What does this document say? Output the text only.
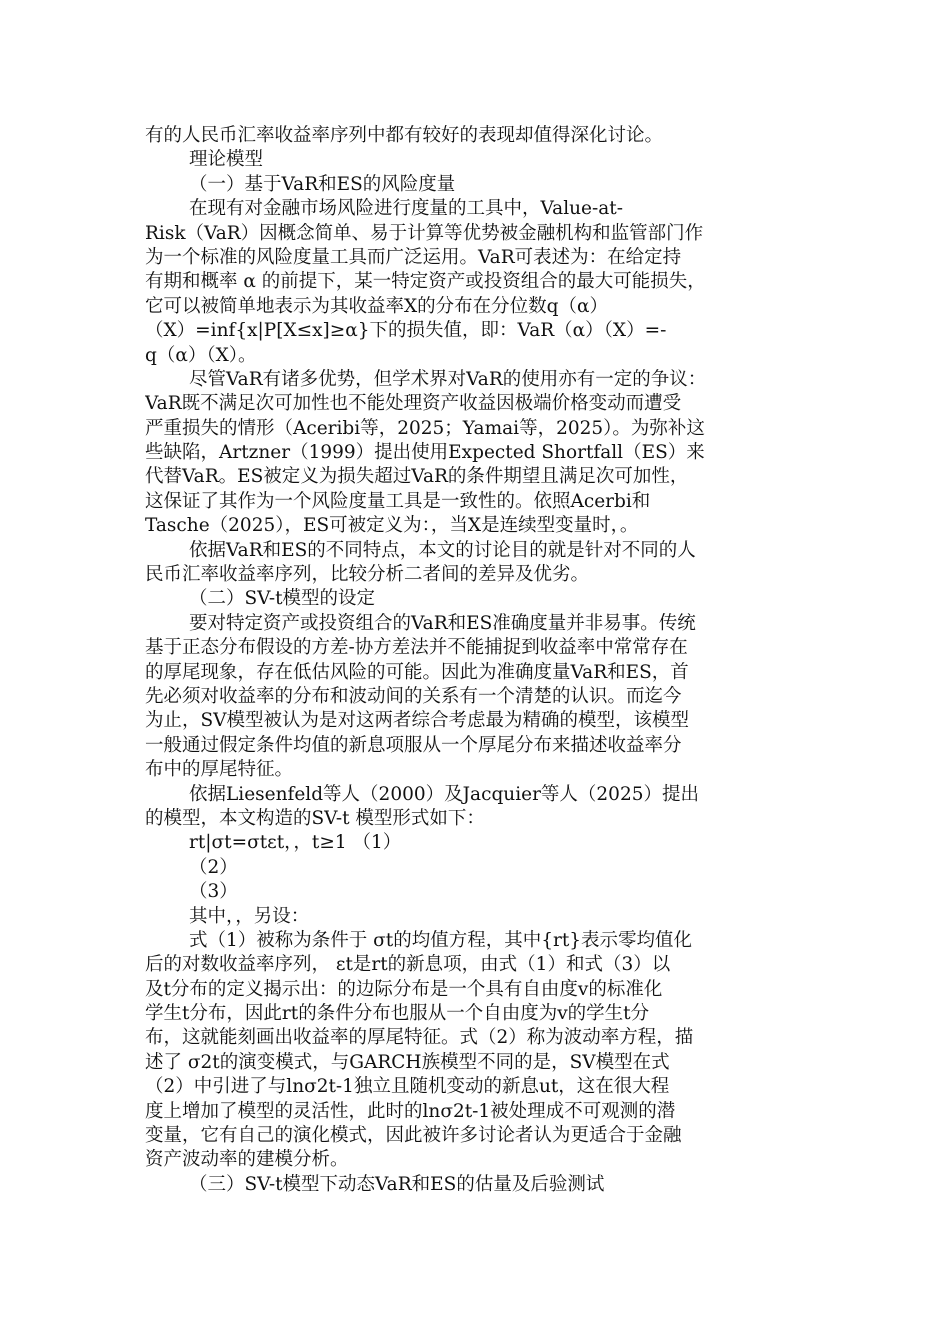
有的人民币汇率收益率序列中都有较好的表现却值得深化讨论。
理论模型
（一）基于VaR和ES的风险度量
在现有对金融市场风险进行度量的工具中，Value-at-
Risk（VaR）因概念简单、易于计算等优势被金融机构和监管部门作
为一个标准的风险度量工具而广泛运用。VaR可表述为：在给定持
有期和概率 α 的前提下，某一特定资产或投资组合的最大可能损失，
它可以被简单地表示为其收益率X的分布在分位数q（α）
（X）=inf{x|P[X≤x]≥α}下的损失值，即：VaR（α）（X）=-
q（α）（X）。
尽管VaR有诸多优势，但学术界对VaR的使用亦有一定的争议：
VaR既不满足次可加性也不能处理资产收益因极端价格变动而遭受
严重损失的情形（Aceribi等，2025；Yamai等，2025）。为弥补这
些缺陷，Artzner（1999）提出使用Expected Shortfall（ES）来
代替VaR。ES被定义为损失超过VaR的条件期望且满足次可加性，
这保证了其作为一个风险度量工具是一致性的。依照Acerbi和
Tasche（2025），ES可被定义为：，当X是连续型变量时，。
依据VaR和ES的不同特点，本文的讨论目的就是针对不同的人
民币汇率收益率序列，比较分析二者间的差异及优劣。
（二）SV-t模型的设定
要对特定资产或投资组合的VaR和ES准确度量并非易事。传统
基于正态分布假设的方差-协方差法并不能捕捉到收益率中常常存在
的厚尾现象，存在低估风险的可能。因此为准确度量VaR和ES，首
先必须对收益率的分布和波动间的关系有一个清楚的认识。而迄今
为止，SV模型被认为是对这两者综合考虑最为精确的模型，该模型
一般通过假定条件均值的新息项服从一个厚尾分布来描述收益率分
布中的厚尾特征。
依据Liesenfeld等人（2000）及Jacquier等人（2025）提出
的模型，本文构造的SV-t 模型形式如下：
rt|σt=σtεt，，t≥1 （1）
（2）
（3）
其中，，另设：
式（1）被称为条件于 σt的均值方程，其中{rt}表示零均值化
后的对数收益率序列， εt是rt的新息项，由式（1）和式（3）以
及t分布的定义揭示出：的边际分布是一个具有自由度v的标准化
学生t分布，因此rt的条件分布也服从一个自由度为v的学生t分
布，这就能刻画出收益率的厚尾特征。式（2）称为波动率方程，描
述了 σ2t的演变模式，与GARCH族模型不同的是，SV模型在式
（2）中引进了与lnσ2t-1独立且随机变动的新息ut，这在很大程
度上增加了模型的灵活性，此时的lnσ2t-1被处理成不可观测的潜
变量，它有自己的演化模式，因此被许多讨论者认为更适合于金融
资产波动率的建模分析。
（三）SV-t模型下动态VaR和ES的估量及后验测试
